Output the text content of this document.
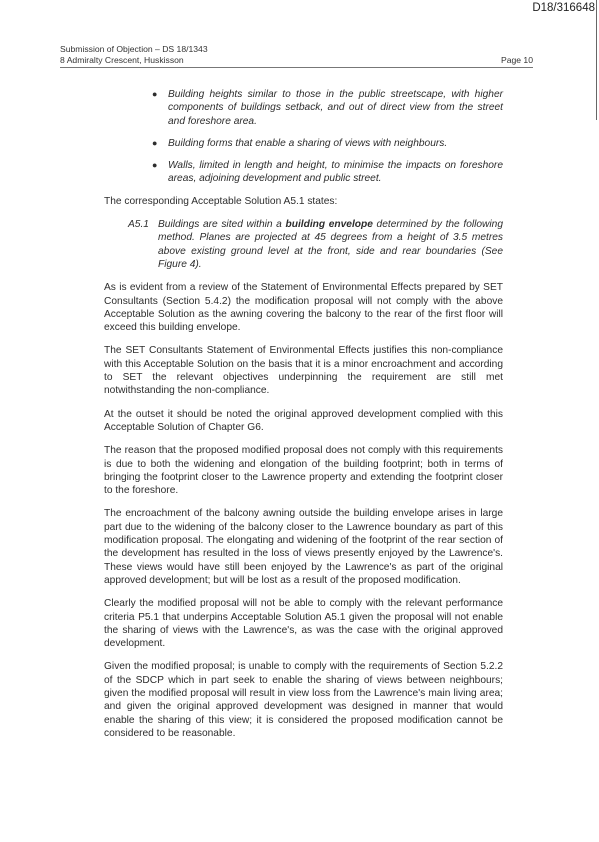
D18/316648
Submission of Objection – DS 18/1343
8 Admiralty Crescent, Huskisson	Page 10
● Building heights similar to those in the public streetscape, with higher components of buildings setback, and out of direct view from the street and foreshore area.
● Building forms that enable a sharing of views with neighbours.
● Walls, limited in length and height, to minimise the impacts on foreshore areas, adjoining development and public street.

The corresponding Acceptable Solution A5.1 states:

A5.1 Buildings are sited within a building envelope determined by the following method. Planes are projected at 45 degrees from a height of 3.5 metres above existing ground level at the front, side and rear boundaries (See Figure 4).

As is evident from a review of the Statement of Environmental Effects prepared by SET Consultants (Section 5.4.2) the modification proposal will not comply with the above Acceptable Solution as the awning covering the balcony to the rear of the first floor will exceed this building envelope.

The SET Consultants Statement of Environmental Effects justifies this non-compliance with this Acceptable Solution on the basis that it is a minor encroachment and according to SET the relevant objectives underpinning the requirement are still met notwithstanding the non-compliance.

At the outset it should be noted the original approved development complied with this Acceptable Solution of Chapter G6.

The reason that the proposed modified proposal does not comply with this requirements is due to both the widening and elongation of the building footprint; both in terms of bringing the footprint closer to the Lawrence property and extending the footprint closer to the foreshore.

The encroachment of the balcony awning outside the building envelope arises in large part due to the widening of the balcony closer to the Lawrence boundary as part of this modification proposal. The elongating and widening of the footprint of the rear section of the development has resulted in the loss of views presently enjoyed by the Lawrence's. These views would have still been enjoyed by the Lawrence's as part of the original approved development; but will be lost as a result of the proposed modification.

Clearly the modified proposal will not be able to comply with the relevant performance criteria P5.1 that underpins Acceptable Solution A5.1 given the proposal will not enable the sharing of views with the Lawrence's, as was the case with the original approved development.

Given the modified proposal; is unable to comply with the requirements of Section 5.2.2 of the SDCP which in part seek to enable the sharing of views between neighbours; given the modified proposal will result in view loss from the Lawrence's main living area; and given the original approved development was designed in manner that would enable the sharing of this view; it is considered the proposed modification cannot be considered to be reasonable.
